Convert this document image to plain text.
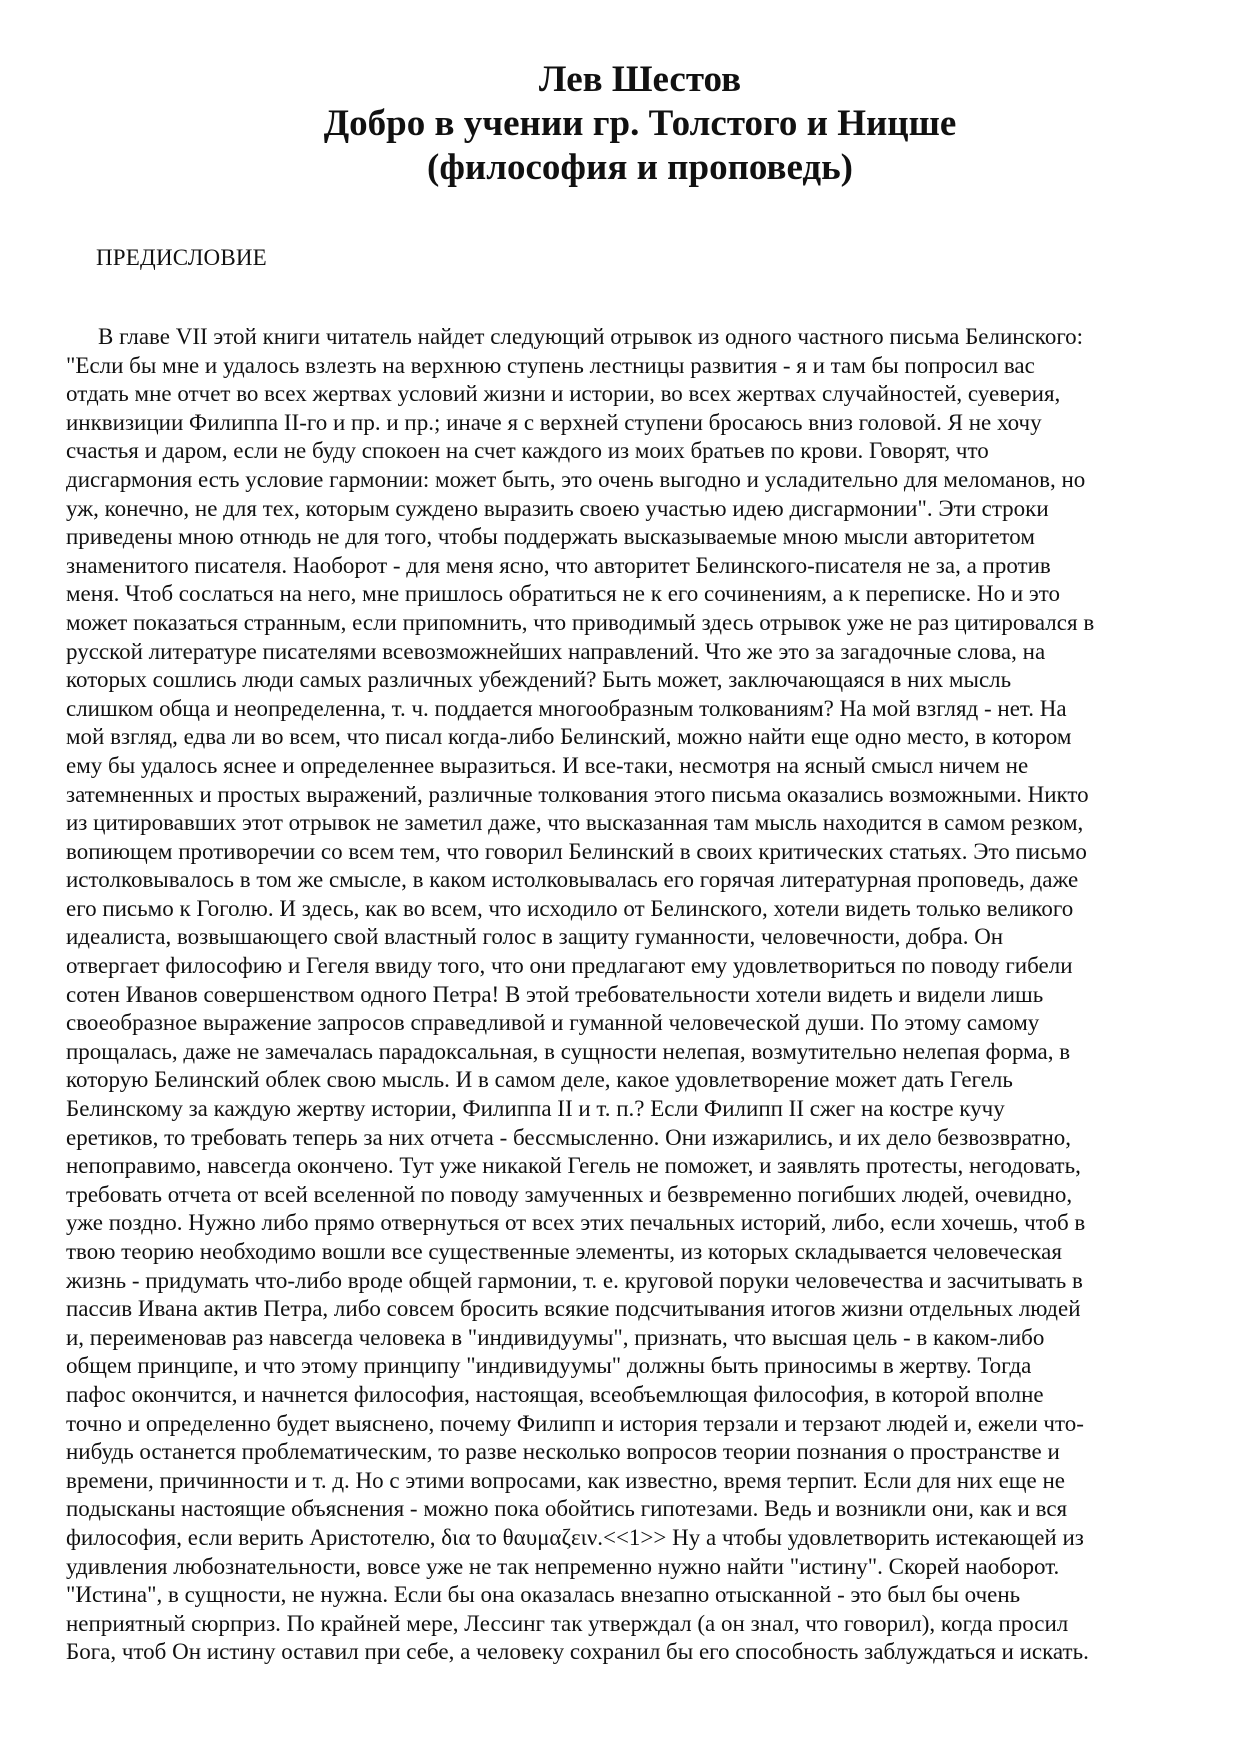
Лев Шестов
Добро в учении гр. Толстого и Ницше
(философия и проповедь)
ПРЕДИСЛОВИЕ
В главе VII этой книги читатель найдет следующий отрывок из одного частного письма Белинского:
"Если бы мне и удалось взлезть на верхнюю ступень лестницы развития - я и там бы попросил вас
отдать мне отчет во всех жертвах условий жизни и истории, во всех жертвах случайностей, суеверия,
инквизиции Филиппа II-го и пр. и пр.; иначе я с верхней ступени бросаюсь вниз головой. Я не хочу
счастья и даром, если не буду спокоен на счет каждого из моих братьев по крови. Говорят, что
дисгармония есть условие гармонии: может быть, это очень выгодно и усладительно для меломанов, но
уж, конечно, не для тех, которым суждено выразить своею участью идею дисгармонии". Эти строки
приведены мною отнюдь не для того, чтобы поддержать высказываемые мною мысли авторитетом
знаменитого писателя. Наоборот - для меня ясно, что авторитет Белинского-писателя не за, а против
меня. Чтоб сослаться на него, мне пришлось обратиться не к его сочинениям, а к переписке. Но и это
может показаться странным, если припомнить, что приводимый здесь отрывок уже не раз цитировался в
русской литературе писателями всевозможнейших направлений. Что же это за загадочные слова, на
которых сошлись люди самых различных убеждений? Быть может, заключающаяся в них мысль
слишком обща и неопределенна, т. ч. поддается многообразным толкованиям? На мой взгляд - нет. На
мой взгляд, едва ли во всем, что писал когда-либо Белинский, можно найти еще одно место, в котором
ему бы удалось яснее и определеннее выразиться. И все-таки, несмотря на ясный смысл ничем не
затемненных и простых выражений, различные толкования этого письма оказались возможными. Никто
из цитировавших этот отрывок не заметил даже, что высказанная там мысль находится в самом резком,
вопиющем противоречии со всем тем, что говорил Белинский в своих критических статьях. Это письмо
истолковывалось в том же смысле, в каком истолковывалась его горячая литературная проповедь, даже
его письмо к Гоголю. И здесь, как во всем, что исходило от Белинского, хотели видеть только великого
идеалиста, возвышающего свой властный голос в защиту гуманности, человечности, добра. Он
отвергает философию и Гегеля ввиду того, что они предлагают ему удовлетвориться по поводу гибели
сотен Иванов совершенством одного Петра! В этой требовательности хотели видеть и видели лишь
своеобразное выражение запросов справедливой и гуманной человеческой души. По этому самому
прощалась, даже не замечалась парадоксальная, в сущности нелепая, возмутительно нелепая форма, в
которую Белинский облек свою мысль. И в самом деле, какое удовлетворение может дать Гегель
Белинскому за каждую жертву истории, Филиппа II и т. п.? Если Филипп II сжег на костре кучу
еретиков, то требовать теперь за них отчета - бессмысленно. Они изжарились, и их дело безвозвратно,
непоправимо, навсегда окончено. Тут уже никакой Гегель не поможет, и заявлять протесты, негодовать,
требовать отчета от всей вселенной по поводу замученных и безвременно погибших людей, очевидно,
уже поздно. Нужно либо прямо отвернуться от всех этих печальных историй, либо, если хочешь, чтоб в
твою теорию необходимо вошли все существенные элементы, из которых складывается человеческая
жизнь - придумать что-либо вроде общей гармонии, т. е. круговой поруки человечества и засчитывать в
пассив Ивана актив Петра, либо совсем бросить всякие подсчитывания итогов жизни отдельных людей
и, переименовав раз навсегда человека в "индивидуумы", признать, что высшая цель - в каком-либо
общем принципе, и что этому принципу "индивидуумы" должны быть приносимы в жертву. Тогда
пафос окончится, и начнется философия, настоящая, всеобъемлющая философия, в которой вполне
точно и определенно будет выяснено, почему Филипп и история терзали и терзают людей и, ежели что-
нибудь останется проблематическим, то разве несколько вопросов теории познания о пространстве и
времени, причинности и т. д. Но с этими вопросами, как известно, время терпит. Если для них еще не
подысканы настоящие объяснения - можно пока обойтись гипотезами. Ведь и возникли они, как и вся
философия, если верить Аристотелю, δια το θαυμαζειν.<<1>> Ну а чтобы удовлетворить истекающей из
удивления любознательности, вовсе уже не так непременно нужно найти "истину". Скорей наоборот.
"Истина", в сущности, не нужна. Если бы она оказалась внезапно отысканной - это был бы очень
неприятный сюрприз. По крайней мере, Лессинг так утверждал (а он знал, что говорил), когда просил
Бога, чтоб Он истину оставил при себе, а человеку сохранил бы его способность заблуждаться и искать.
